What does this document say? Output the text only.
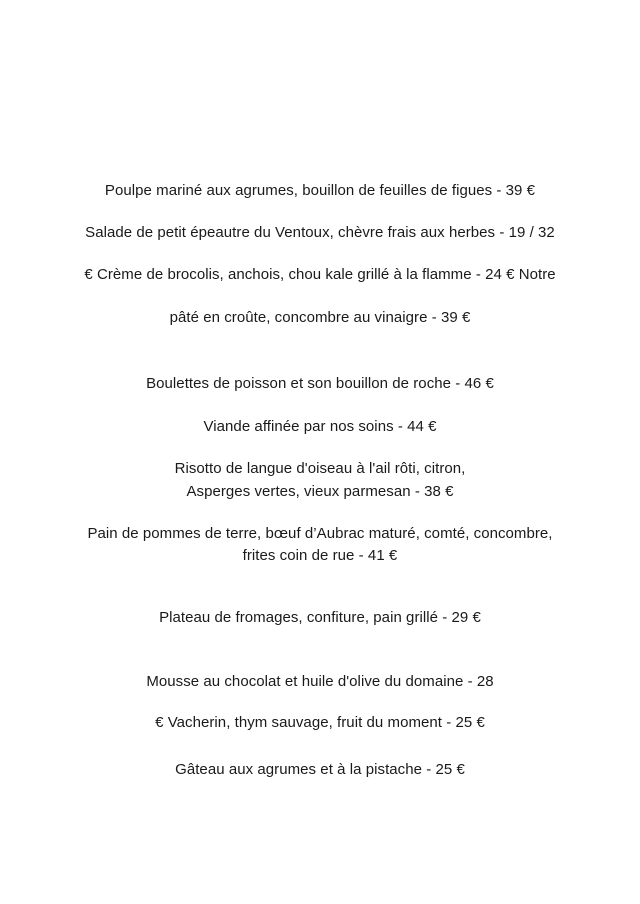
Poulpe mariné aux agrumes, bouillon de feuilles de figues - 39 €
Salade de petit épeautre du Ventoux, chèvre frais aux herbes - 19 / 32
€ Crème de brocolis, anchois, chou kale grillé à la flamme - 24 € Notre
pâté en croûte, concombre au vinaigre - 39 €
Boulettes de poisson et son bouillon de roche - 46 €
Viande affinée par nos soins - 44 €
Risotto de langue d'oiseau à l'ail rôti, citron,
Asperges vertes, vieux parmesan - 38 €
Pain de pommes de terre, bœuf d’Aubrac maturé, comté, concombre,
frites coin de rue - 41 €
Plateau de fromages, confiture, pain grillé - 29 €
Mousse au chocolat et huile d'olive du domaine - 28
€ Vacherin, thym sauvage, fruit du moment - 25 €
Gâteau aux agrumes et à la pistache - 25 €
